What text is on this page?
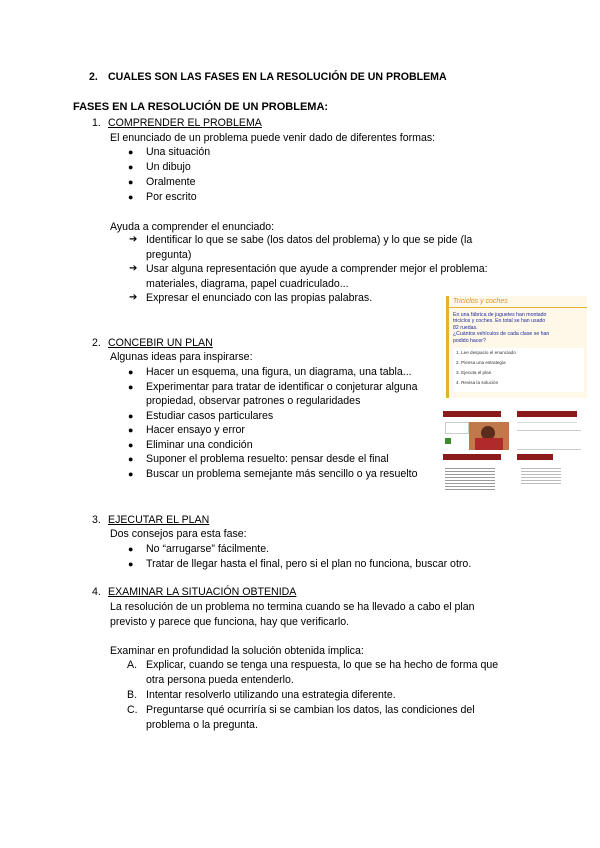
2. CUALES SON LAS FASES EN LA RESOLUCIÓN DE UN PROBLEMA
FASES EN LA RESOLUCIÓN DE UN PROBLEMA:
1. COMPRENDER EL PROBLEMA
El enunciado de un problema puede venir dado de diferentes formas:
● Una situación
● Un dibujo
● Oralmente
● Por escrito
Ayuda a comprender el enunciado:
➔ Identificar lo que se sabe (los datos del problema) y lo que se pide (la
pregunta)
➔ Usar alguna representación que ayude a comprender mejor el problema:
materiales, diagrama, papel cuadriculado...
➔ Expresar el enunciado con las propias palabras.
2. CONCEBIR UN PLAN
Algunas ideas para inspirarse:
● Hacer un esquema, una figura, un diagrama, una tabla...
● Experimentar para tratar de identificar o conjeturar alguna
propiedad, observar patrones o regularidades
● Estudiar casos particulares
● Hacer ensayo y error
● Eliminar una condición
● Suponer el problema resuelto: pensar desde el final
● Buscar un problema semejante más sencillo o ya resuelto
3. EJECUTAR EL PLAN
Dos consejos para esta fase:
● No “arrugarse” fácilmente.
● Tratar de llegar hasta el final, pero si el plan no funciona, buscar otro.
4. EXAMINAR LA SITUACIÓN OBTENIDA
La resolución de un problema no termina cuando se ha llevado a cabo el plan
previsto y parece que funciona, hay que verificarlo.
Examinar en profundidad la solución obtenida implica:
A. Explicar, cuando se tenga una respuesta, lo que se ha hecho de forma que
otra persona pueda entenderlo.
B. Intentar resolverlo utilizando una estrategia diferente.
C. Preguntarse qué ocurriría si se cambian los datos, las condiciones del
problema o la pregunta.
Triciclos y coches
En una fábrica de juguetes han montado
triciclos y coches. En total se han usado
82 ruedas.
¿Cuántos vehículos de cada clase se han
podido hacer?
1. Lee despacio el enunciado
2. Piensa una estrategia
3. Ejecuta el plan
4. Revisa la solución
